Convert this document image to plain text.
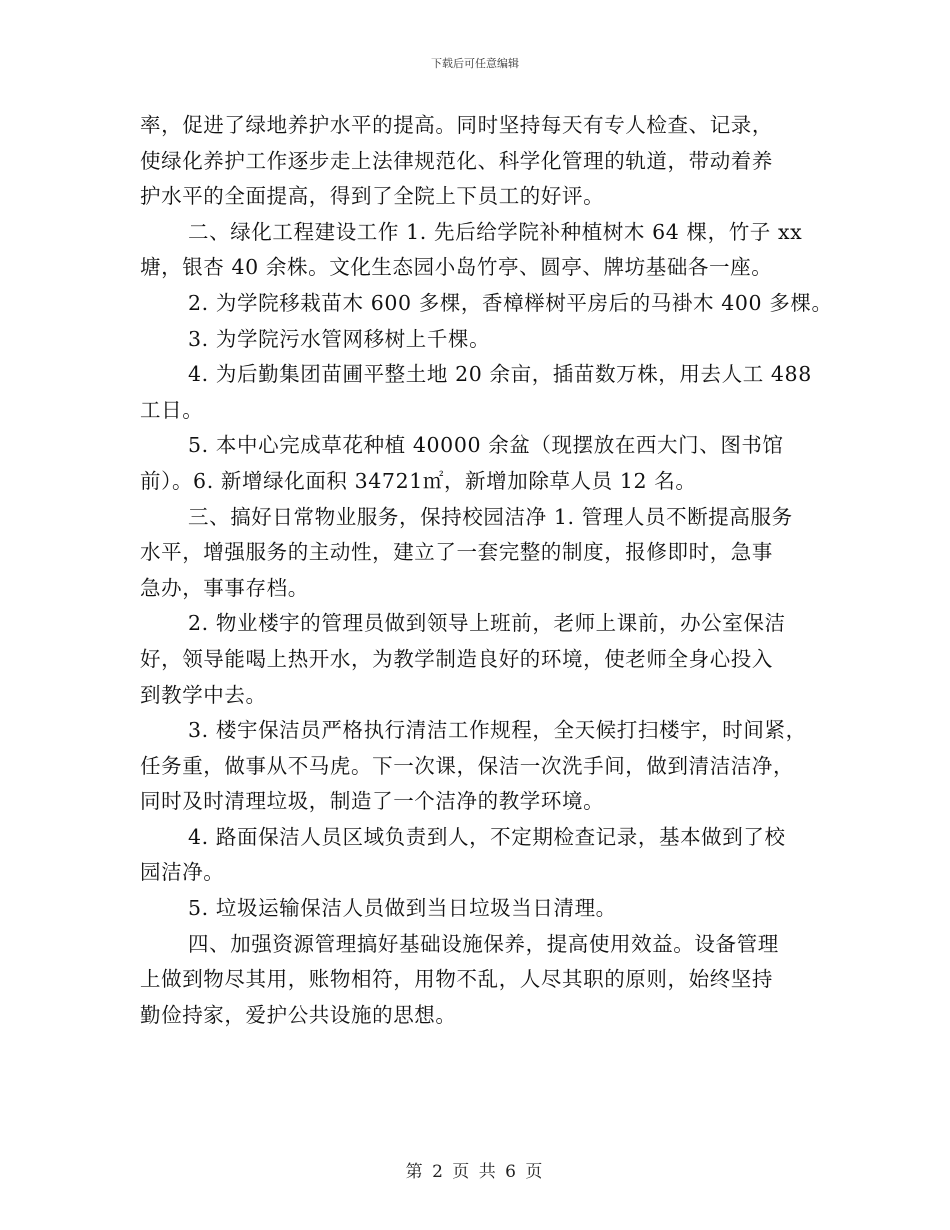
下载后可任意编辑
率，促进了绿地养护水平的提高。同时坚持每天有专人检查、记录，
使绿化养护工作逐步走上法律规范化、科学化管理的轨道，带动着养
护水平的全面提高，得到了全院上下员工的好评。
二、绿化工程建设工作 1. 先后给学院补种植树木 64 棵，竹子 xx
塘，银杏 40 余株。文化生态园小岛竹亭、圆亭、牌坊基础各一座。
2. 为学院移栽苗木 600 多棵，香樟榉树平房后的马褂木 400 多棵。
3. 为学院污水管网移树上千棵。
4. 为后勤集团苗圃平整土地 20 余亩，插苗数万株，用去人工 488
工日。
5. 本中心完成草花种植 40000 余盆（现摆放在西大门、图书馆
前）。6. 新增绿化面积 34721㎡，新增加除草人员 12 名。
三、搞好日常物业服务，保持校园洁净 1. 管理人员不断提高服务
水平，增强服务的主动性，建立了一套完整的制度，报修即时，急事
急办，事事存档。
2. 物业楼宇的管理员做到领导上班前，老师上课前，办公室保洁
好，领导能喝上热开水，为教学制造良好的环境，使老师全身心投入
到教学中去。
3. 楼宇保洁员严格执行清洁工作规程，全天候打扫楼宇，时间紧，
任务重，做事从不马虎。下一次课，保洁一次洗手间，做到清洁洁净，
同时及时清理垃圾，制造了一个洁净的教学环境。
4. 路面保洁人员区域负责到人，不定期检查记录，基本做到了校
园洁净。
5. 垃圾运输保洁人员做到当日垃圾当日清理。
四、加强资源管理搞好基础设施保养，提高使用效益。设备管理
上做到物尽其用，账物相符，用物不乱，人尽其职的原则，始终坚持
勤俭持家，爱护公共设施的思想。
第 2 页 共 6 页
